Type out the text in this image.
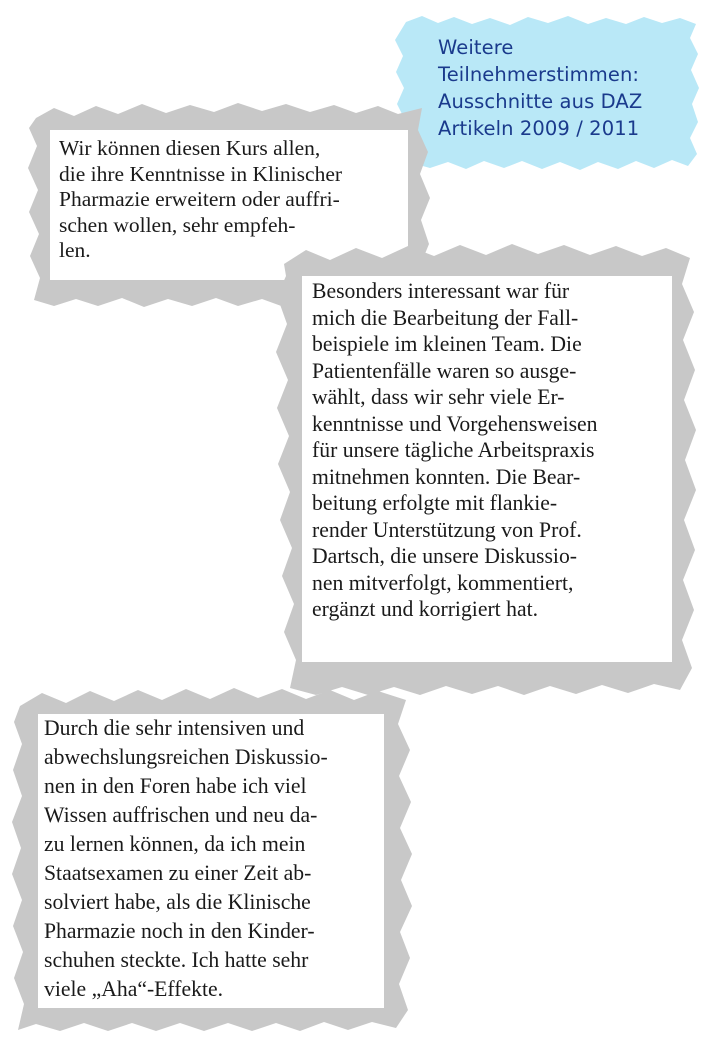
Weitere
Teilnehmerstimmen:
Ausschnitte aus DAZ
Artikeln 2009 / 2011
Wir können diesen Kurs allen,
die ihre Kenntnisse in Klinischer
Pharmazie erweitern oder auffri-
schen wollen, sehr empfeh-
len.
Besonders interessant war für
mich die Bearbeitung der Fall-
beispiele im kleinen Team. Die
Patientenfälle waren so ausge-
wählt, dass wir sehr viele Er-
kenntnisse und Vorgehensweisen
für unsere tägliche Arbeitspraxis
mitnehmen konnten. Die Bear-
beitung erfolgte mit flankie-
render Unterstützung von Prof.
Dartsch, die unsere Diskussio-
nen mitverfolgt, kommentiert,
ergänzt und korrigiert hat.
Durch die sehr intensiven und
abwechslungsreichen Diskussio-
nen in den Foren habe ich viel
Wissen auffrischen und neu da-
zu lernen können, da ich mein
Staatsexamen zu einer Zeit ab-
solviert habe, als die Klinische
Pharmazie noch in den Kinder-
schuhen steckte. Ich hatte sehr
viele „Aha“-Effekte.
